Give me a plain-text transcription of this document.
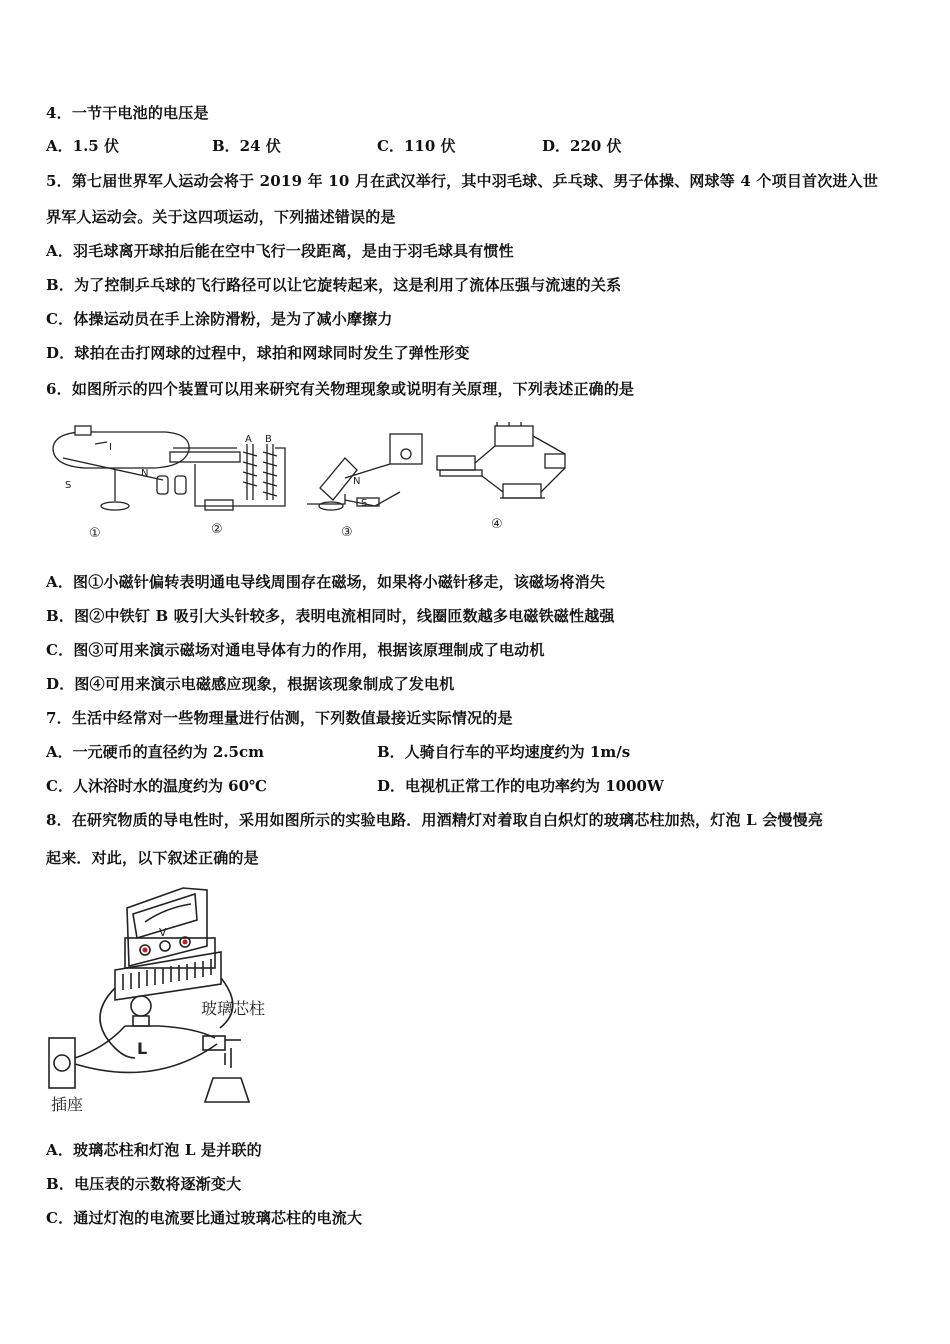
4．一节干电池的电压是
A．1.5 伏	B．24 伏	C．110 伏	D．220 伏
5．第七届世界军人运动会将于 2019 年 10 月在武汉举行，其中羽毛球、乒乓球、男子体操、网球等 4 个项目首次进入世
界军人运动会。关于这四项运动，下列描述错误的是
A．羽毛球离开球拍后能在空中飞行一段距离，是由于羽毛球具有惯性
B．为了控制乒乓球的飞行路径可以让它旋转起来，这是利用了流体压强与流速的关系
C．体操运动员在手上涂防滑粉，是为了减小摩擦力
D．球拍在击打网球的过程中，球拍和网球同时发生了弹性形变
6．如图所示的四个装置可以用来研究有关物理现象或说明有关原理，下列表述正确的是
S
N
I
A B
N
S
①	②	③
④
A．图①小磁针偏转表明通电导线周围存在磁场，如果将小磁针移走，该磁场将消失
B．图②中铁钉 B 吸引大头针较多，表明电流相同时，线圈匝数越多电磁铁磁性越强
C．图③可用来演示磁场对通电导体有力的作用，根据该原理制成了电动机
D．图④可用来演示电磁感应现象，根据该现象制成了发电机
7．生活中经常对一些物理量进行估测，下列数值最接近实际情况的是
A．一元硬币的直径约为 2.5cm	B．人骑自行车的平均速度约为 1m/s
C．人沐浴时水的温度约为 60℃	D．电视机正常工作的电功率约为 1000W
8．在研究物质的导电性时，采用如图所示的实验电路．用酒精灯对着取自白炽灯的玻璃芯柱加热，灯泡 L 会慢慢亮
起来．对此，以下叙述正确的是
玻璃芯柱
插座
L
V
A．玻璃芯柱和灯泡 L 是并联的
B．电压表的示数将逐渐变大
C．通过灯泡的电流要比通过玻璃芯柱的电流大
